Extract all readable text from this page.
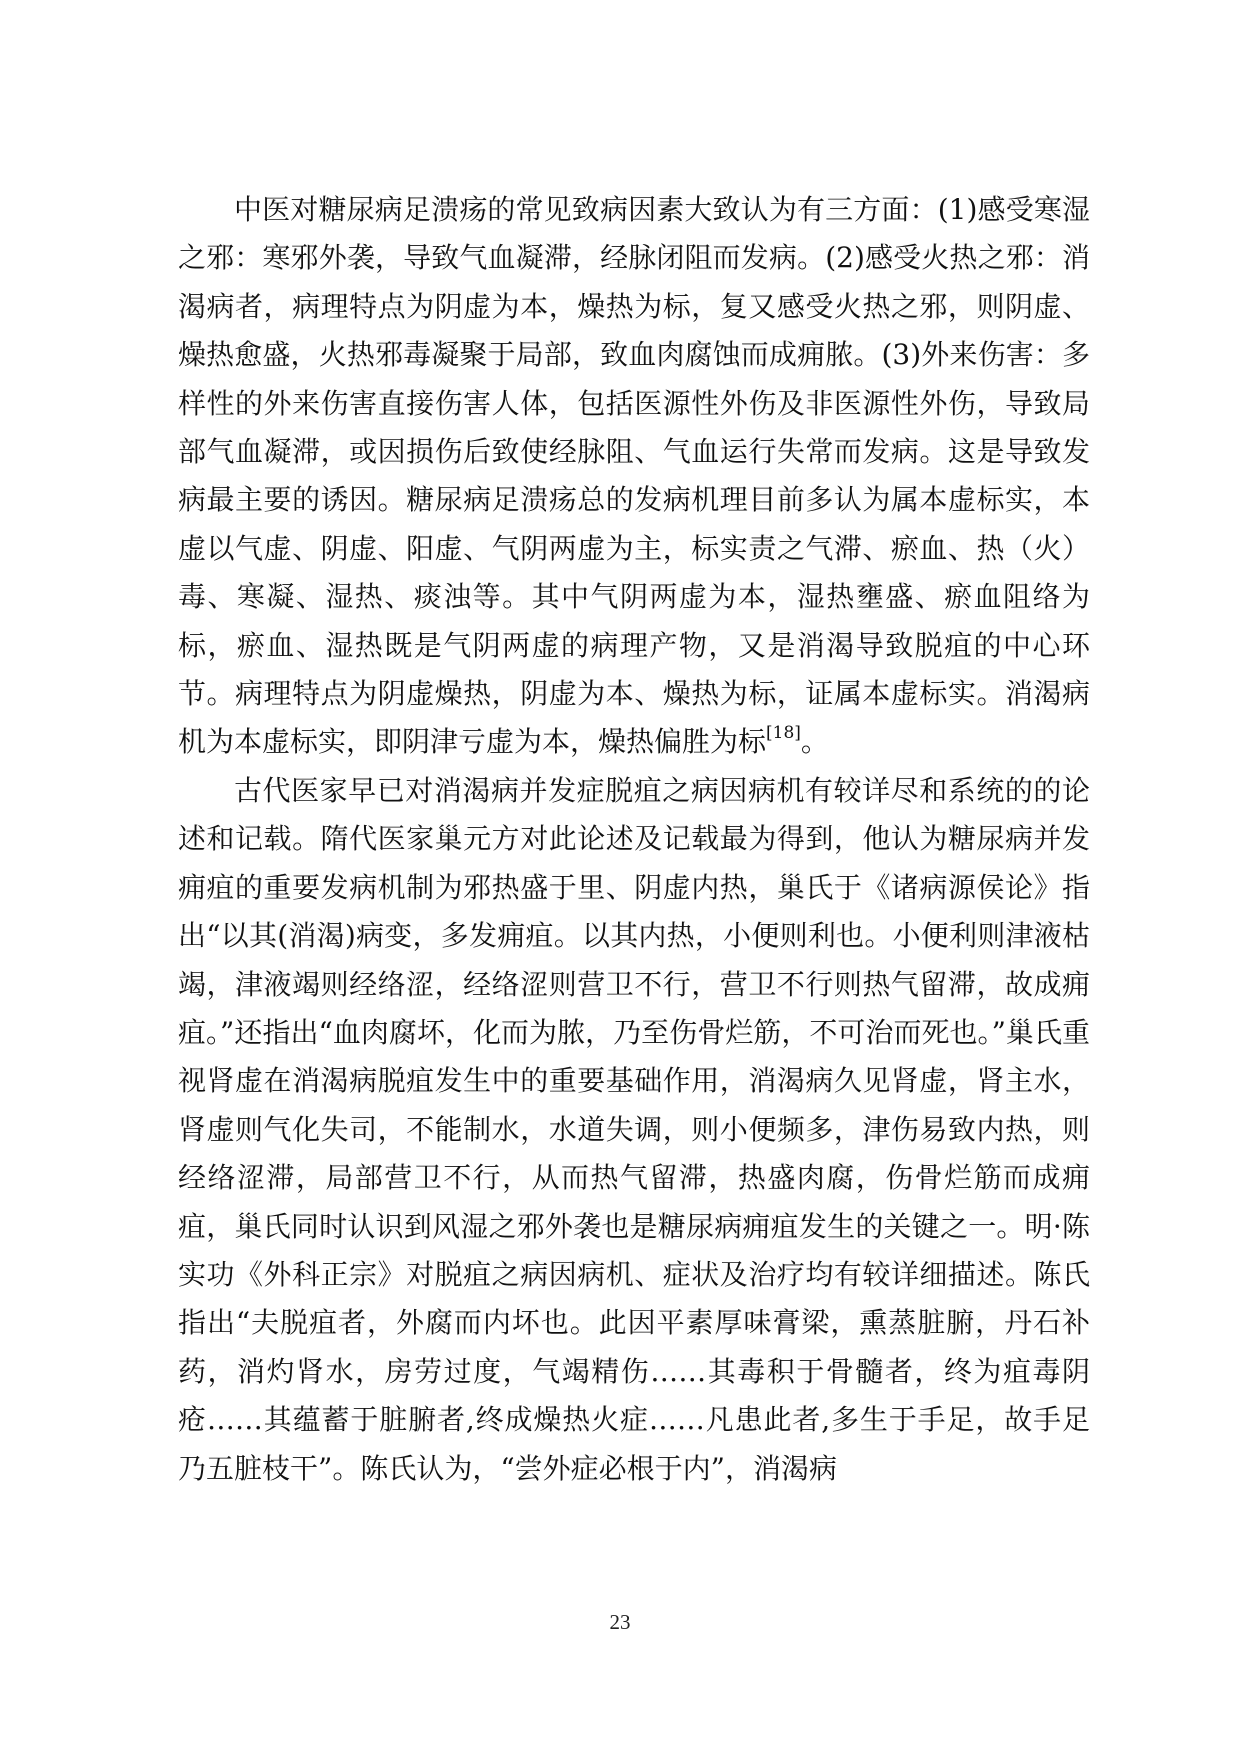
中医对糖尿病足溃疡的常见致病因素大致认为有三方面：(1)感受寒湿之邪：寒邪外袭，导致气血凝滞，经脉闭阻而发病。(2)感受火热之邪：消渴病者，病理特点为阴虚为本，燥热为标，复又感受火热之邪，则阴虚、燥热愈盛，火热邪毒凝聚于局部，致血肉腐蚀而成痈脓。(3)外来伤害：多样性的外来伤害直接伤害人体，包括医源性外伤及非医源性外伤，导致局部气血凝滞，或因损伤后致使经脉阻、气血运行失常而发病。这是导致发病最主要的诱因。糖尿病足溃疡总的发病机理目前多认为属本虚标实，本虚以气虚、阴虚、阳虚、气阴两虚为主，标实责之气滞、瘀血、热（火）毒、寒凝、湿热、痰浊等。其中气阴两虚为本，湿热壅盛、瘀血阻络为标，瘀血、湿热既是气阴两虚的病理产物，又是消渴导致脱疽的中心环节。病理特点为阴虚燥热，阴虚为本、燥热为标，证属本虚标实。消渴病机为本虚标实，即阴津亏虚为本，燥热偏胜为标[18]。

古代医家早已对消渴病并发症脱疽之病因病机有较详尽和系统的的论述和记载。隋代医家巢元方对此论述及记载最为得到，他认为糖尿病并发痈疽的重要发病机制为邪热盛于里、阴虚内热，巢氏于《诸病源侯论》指出“以其(消渴)病变，多发痈疽。以其内热，小便则利也。小便利则津液枯竭，津液竭则经络涩，经络涩则营卫不行，营卫不行则热气留滞，故成痈疽。”还指出“血肉腐坏，化而为脓，乃至伤骨烂筋，不可治而死也。”巢氏重视肾虚在消渴病脱疽发生中的重要基础作用，消渴病久见肾虚，肾主水，肾虚则气化失司，不能制水，水道失调，则小便频多，津伤易致内热，则经络涩滞，局部营卫不行，从而热气留滞，热盛肉腐，伤骨烂筋而成痈疽，巢氏同时认识到风湿之邪外袭也是糖尿病痈疽发生的关键之一。明·陈实功《外科正宗》对脱疽之病因病机、症状及治疗均有较详细描述。陈氏指出“夫脱疽者，外腐而内坏也。此因平素厚味膏梁，熏蒸脏腑，丹石补药，消灼肾水，房劳过度，气竭精伤……其毒积于骨髓者，终为疽毒阴疮……其蕴蓄于脏腑者,终成燥热火症……凡患此者,多生于手足，故手足乃五脏枝干”。陈氏认为，“尝外症必根于内”，消渴病

23
